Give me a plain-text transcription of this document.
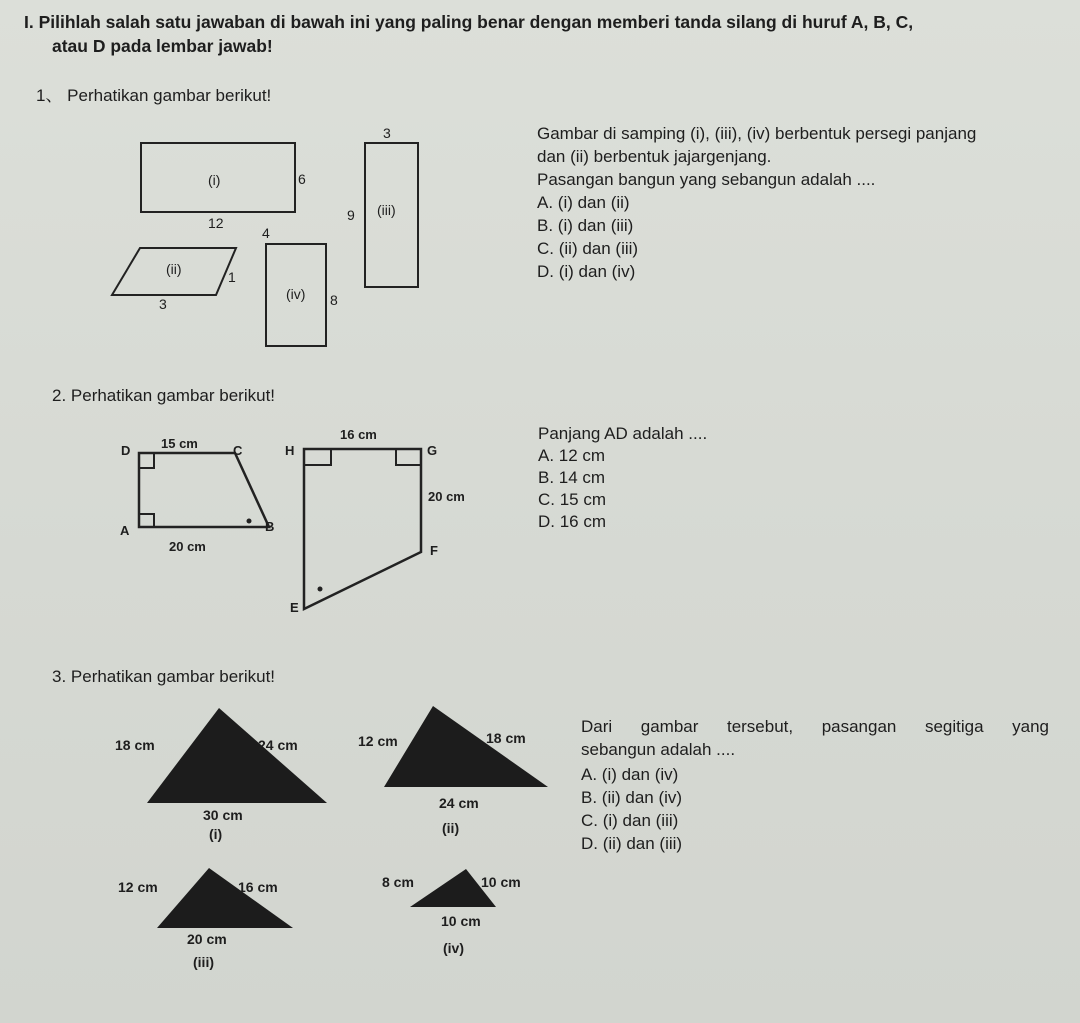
I. Pilihlah salah satu jawaban di bawah ini yang paling benar dengan memberi tanda silang di huruf A, B, C,
atau D pada lembar jawab!
1、 Perhatikan gambar berikut!
(i)	6
12
(ii)	1
3
3
(iii)
9
4
(iv) 8
Gambar di samping (i), (iii), (iv) berbentuk persegi panjang
dan (ii) berbentuk jajargenjang.
Pasangan bangun yang sebangun adalah ....
A. (i) dan (ii)
B. (i) dan (iii)
C. (ii) dan (iii)
D. (i) dan (iv)
2. Perhatikan gambar berikut!
D 15 cm	C
A	B
20 cm
H
16 cm
G
20 cm
F
E
Panjang AD adalah ....
A. 12 cm
B. 14 cm
C. 15 cm
D. 16 cm
3. Perhatikan gambar berikut!
18 cm	24 cm
30 cm
(i)
12 cm	18 cm
24 cm
(ii)
12 cm	16 cm
20 cm
(iii)
8 cm	10 cm
10 cm
(iv)
Dari gambar tersebut, pasangan segitiga yang
sebangun adalah ....
A. (i) dan (iv)
B. (ii) dan (iv)
C. (i) dan (iii)
D. (ii) dan (iii)
